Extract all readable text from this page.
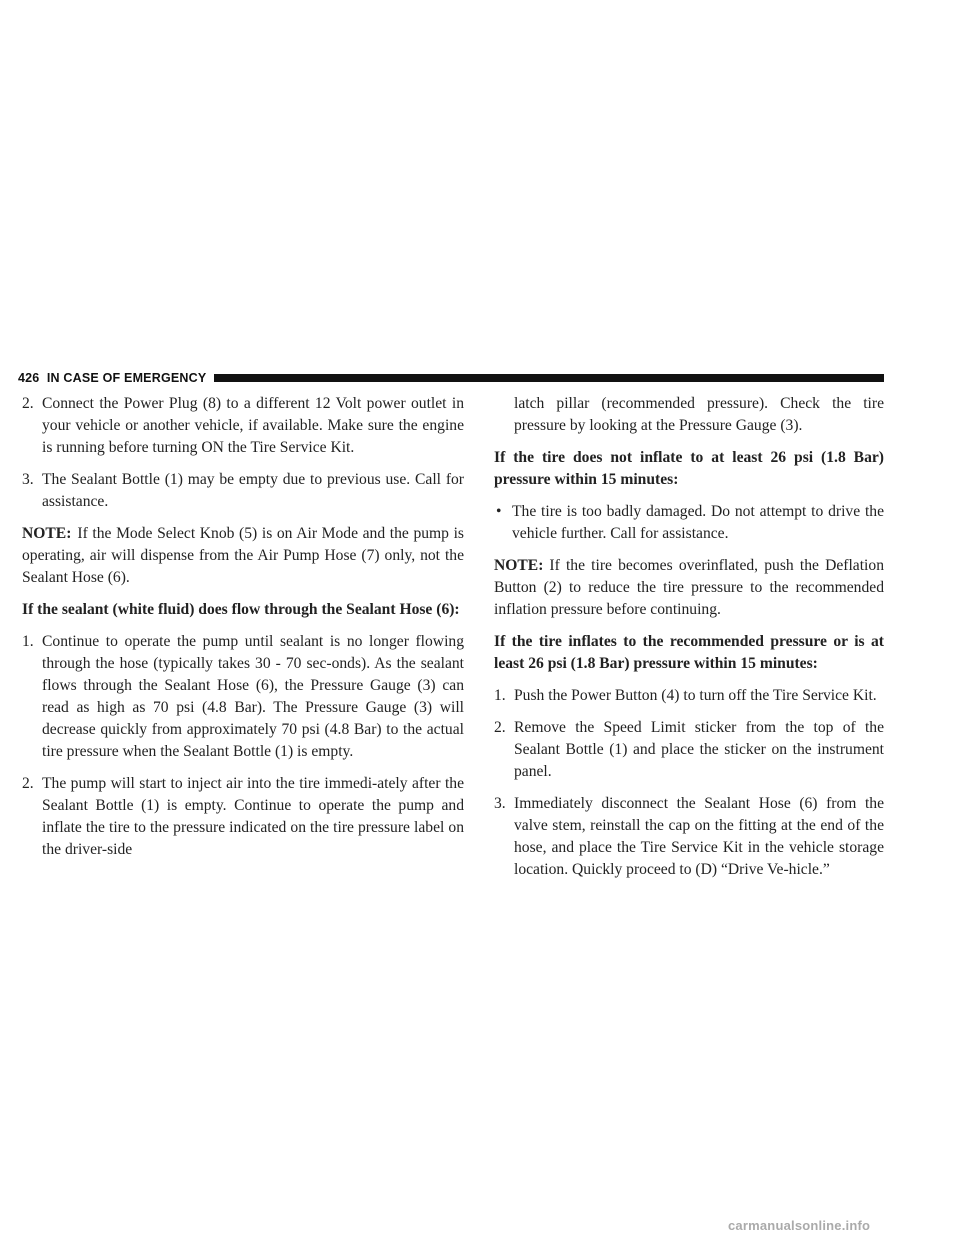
426 IN CASE OF EMERGENCY
2. Connect the Power Plug (8) to a different 12 Volt power outlet in your vehicle or another vehicle, if available. Make sure the engine is running before turning ON the Tire Service Kit.
3. The Sealant Bottle (1) may be empty due to previous use. Call for assistance.

NOTE: If the Mode Select Knob (5) is on Air Mode and the pump is operating, air will dispense from the Air Pump Hose (7) only, not the Sealant Hose (6).

If the sealant (white fluid) does flow through the Sealant Hose (6):

1. Continue to operate the pump until sealant is no longer flowing through the hose (typically takes 30 - 70 sec-onds). As the sealant flows through the Sealant Hose (6), the Pressure Gauge (3) can read as high as 70 psi (4.8 Bar). The Pressure Gauge (3) will decrease quickly from approximately 70 psi (4.8 Bar) to the actual tire pressure when the Sealant Bottle (1) is empty.
2. The pump will start to inject air into the tire immedi-ately after the Sealant Bottle (1) is empty. Continue to operate the pump and inflate the tire to the pressure indicated on the tire pressure label on the driver-side

latch pillar (recommended pressure). Check the tire pressure by looking at the Pressure Gauge (3).

If the tire does not inflate to at least 26 psi (1.8 Bar) pressure within 15 minutes:

• The tire is too badly damaged. Do not attempt to drive the vehicle further. Call for assistance.

NOTE: If the tire becomes overinflated, push the Deflation Button (2) to reduce the tire pressure to the recommended inflation pressure before continuing.

If the tire inflates to the recommended pressure or is at least 26 psi (1.8 Bar) pressure within 15 minutes:

1. Push the Power Button (4) to turn off the Tire Service Kit.
2. Remove the Speed Limit sticker from the top of the Sealant Bottle (1) and place the sticker on the instrument panel.
3. Immediately disconnect the Sealant Hose (6) from the valve stem, reinstall the cap on the fitting at the end of the hose, and place the Tire Service Kit in the vehicle storage location. Quickly proceed to (D) “Drive Ve-hicle.”
carmanualsonline.info
